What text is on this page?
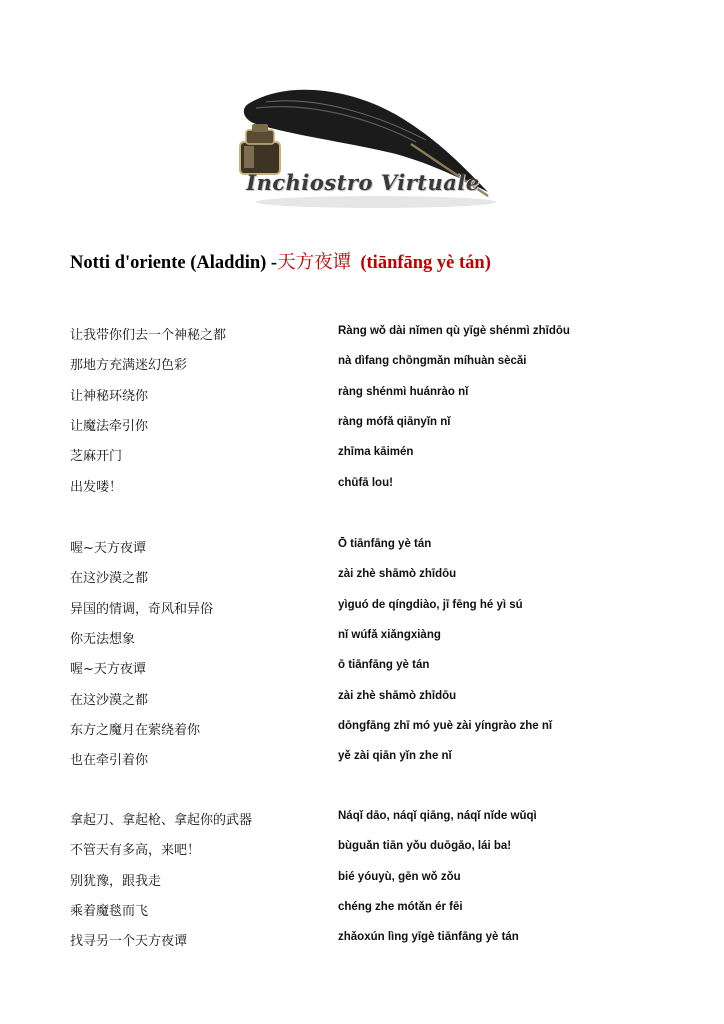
Inchiostro Virtuale
Notti d'oriente (Aladdin) -天方夜谭 (tiānfāng yè tán)
让我带你们去一个神秘之都	Ràng wǒ dài nǐmen qù yīgè shénmì zhīdōu
那地方充满迷幻色彩	nà dìfang chōngmǎn míhuàn sècǎi
让神秘环绕你	ràng shénmì huánrào nǐ
让魔法牵引你	ràng mófǎ qiānyǐn nǐ
芝麻开门	zhīma kāimén
出发喽！	chūfā lou!
喔~天方夜谭	Ō tiānfāng yè tán
在这沙漠之都	zài zhè shāmò zhīdōu
异国的情调，奇风和异俗	yìguó de qíngdiào, jī fēng hé yì sú
你无法想象	nǐ wúfǎ xiǎngxiàng
喔~天方夜谭	ō tiānfāng yè tán
在这沙漠之都	zài zhè shāmò zhīdōu
东方之魔月在萦绕着你	dōngfāng zhī mó yuè zài yíngrào zhe nǐ
也在牵引着你	yě zài qiān yǐn zhe nǐ
拿起刀、拿起枪、拿起你的武器	Náqǐ dāo, náqǐ qiāng, náqǐ nǐde wǔqì
不管天有多高，来吧！	bùguǎn tiān yǒu duōgāo, lái ba!
别犹豫，跟我走	bié yóuyù, gēn wǒ zǒu
乘着魔毯而飞	chéng zhe mótǎn ér fēi
找寻另一个天方夜谭	zhǎoxún lìng yīgè tiānfāng yè tán
